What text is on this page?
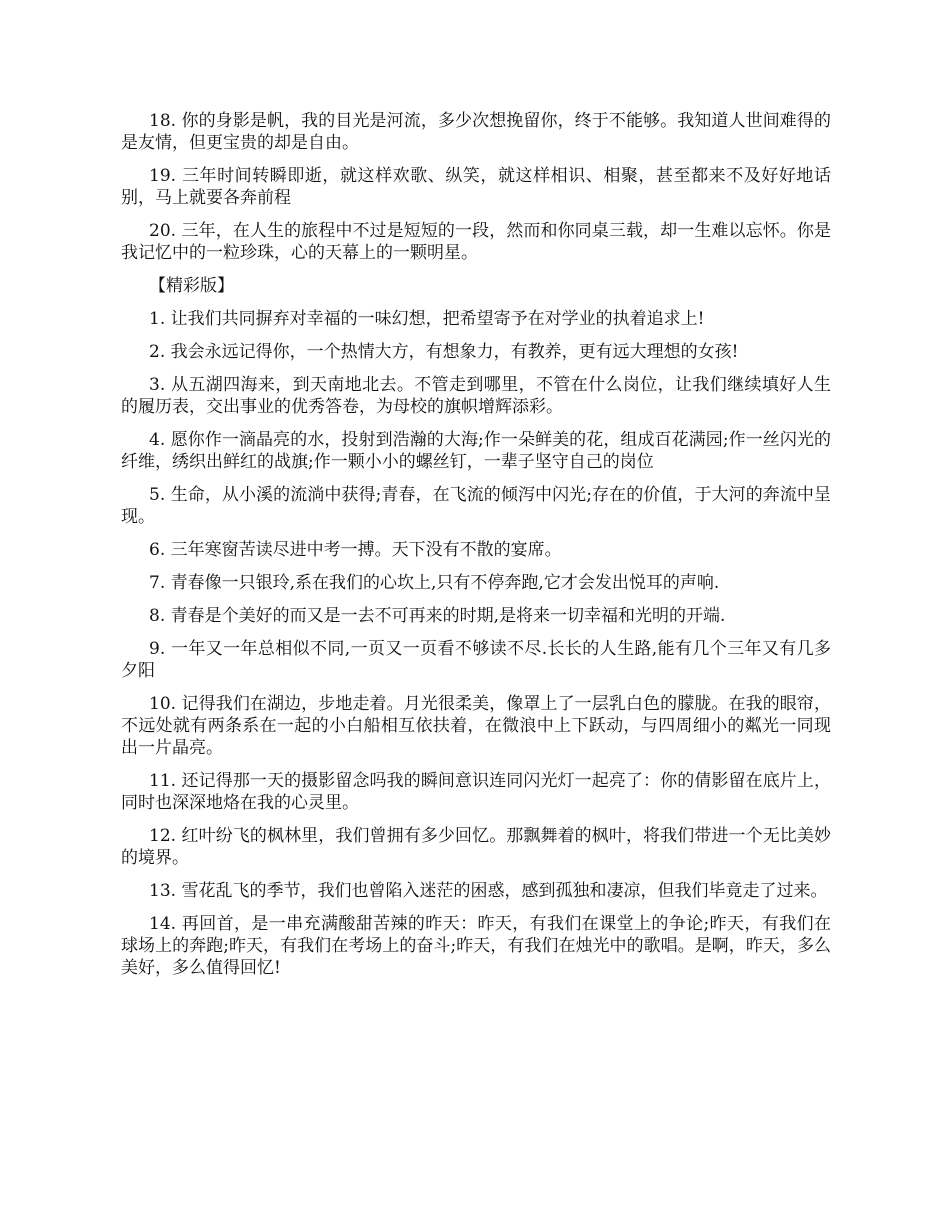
18. 你的身影是帆，我的目光是河流，多少次想挽留你，终于不能够。我知道人世间难得的是友情，但更宝贵的却是自由。

19. 三年时间转瞬即逝，就这样欢歌、纵笑，就这样相识、相聚，甚至都来不及好好地话别，马上就要各奔前程

20. 三年，在人生的旅程中不过是短短的一段，然而和你同桌三载，却一生难以忘怀。你是我记忆中的一粒珍珠，心的天幕上的一颗明星。

【精彩版】

1. 让我们共同摒弃对幸福的一味幻想，把希望寄予在对学业的执着追求上!

2. 我会永远记得你，一个热情大方，有想象力，有教养，更有远大理想的女孩!

3. 从五湖四海来，到天南地北去。不管走到哪里，不管在什么岗位，让我们继续填好人生的履历表，交出事业的优秀答卷，为母校的旗帜增辉添彩。

4. 愿你作一滴晶亮的水，投射到浩瀚的大海;作一朵鲜美的花，组成百花满园;作一丝闪光的纤维，绣织出鲜红的战旗;作一颗小小的螺丝钉，一辈子坚守自己的岗位

5. 生命，从小溪的流淌中获得;青春，在飞流的倾泻中闪光;存在的价值，于大河的奔流中呈现。

6. 三年寒窗苦读尽进中考一搏。天下没有不散的宴席。

7. 青春像一只银玲,系在我们的心坎上,只有不停奔跑,它才会发出悦耳的声响.

8. 青春是个美好的而又是一去不可再来的时期,是将来一切幸福和光明的开端.

9. 一年又一年总相似不同,一页又一页看不够读不尽.长长的人生路,能有几个三年又有几多夕阳

10. 记得我们在湖边，步地走着。月光很柔美，像罩上了一层乳白色的朦胧。在我的眼帘，不远处就有两条系在一起的小白船相互依扶着，在微浪中上下跃动，与四周细小的粼光一同现出一片晶亮。

11. 还记得那一天的摄影留念吗我的瞬间意识连同闪光灯一起亮了：你的倩影留在底片上，同时也深深地烙在我的心灵里。

12. 红叶纷飞的枫林里，我们曾拥有多少回忆。那飘舞着的枫叶，将我们带进一个无比美妙的境界。

13. 雪花乱飞的季节，我们也曾陷入迷茫的困惑，感到孤独和凄凉，但我们毕竟走了过来。

14. 再回首，是一串充满酸甜苦辣的昨天：昨天，有我们在课堂上的争论;昨天，有我们在球场上的奔跑;昨天，有我们在考场上的奋斗;昨天，有我们在烛光中的歌唱。是啊，昨天，多么美好，多么值得回忆!
